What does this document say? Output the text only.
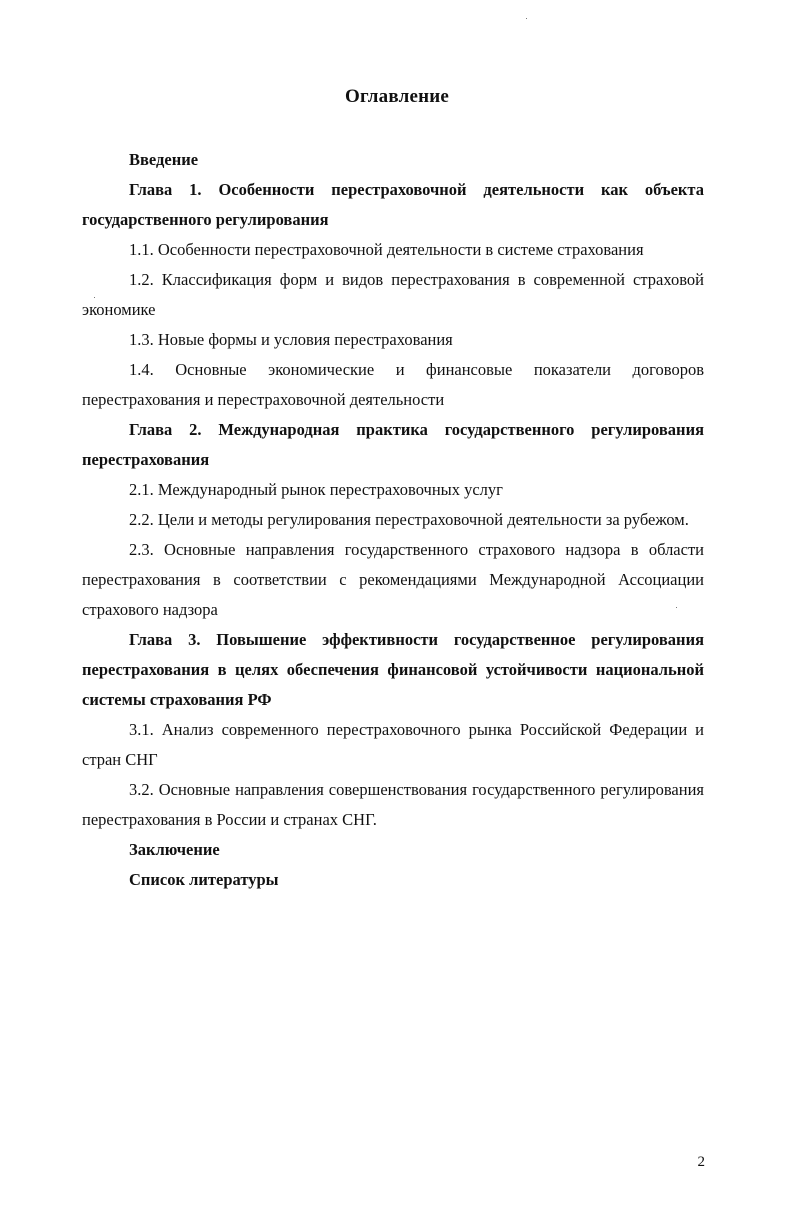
Оглавление

Введение

Глава 1. Особенности перестраховочной деятельности как объекта государственного регулирования

1.1. Особенности перестраховочной деятельности в системе страхования

1.2. Классификация форм и видов перестрахования в современной страховой экономике

1.3. Новые формы и условия перестрахования

1.4. Основные экономические и финансовые показатели договоров перестрахования и перестраховочной деятельности

Глава 2. Международная практика государственного регулирования перестрахования

2.1. Международный рынок перестраховочных услуг

2.2. Цели и методы регулирования перестраховочной деятельности за рубежом.

2.3. Основные направления государственного страхового надзора в области перестрахования в соответствии с рекомендациями Международной Ассоциации страхового надзора

Глава 3. Повышение эффективности государственное регулирования перестрахования в целях обеспечения финансовой устойчивости национальной системы страхования РФ

3.1. Анализ современного перестраховочного рынка Российской Федерации и стран СНГ

3.2. Основные направления совершенствования государственного регулирования перестрахования в России и странах СНГ.

Заключение

Список литературы

2
